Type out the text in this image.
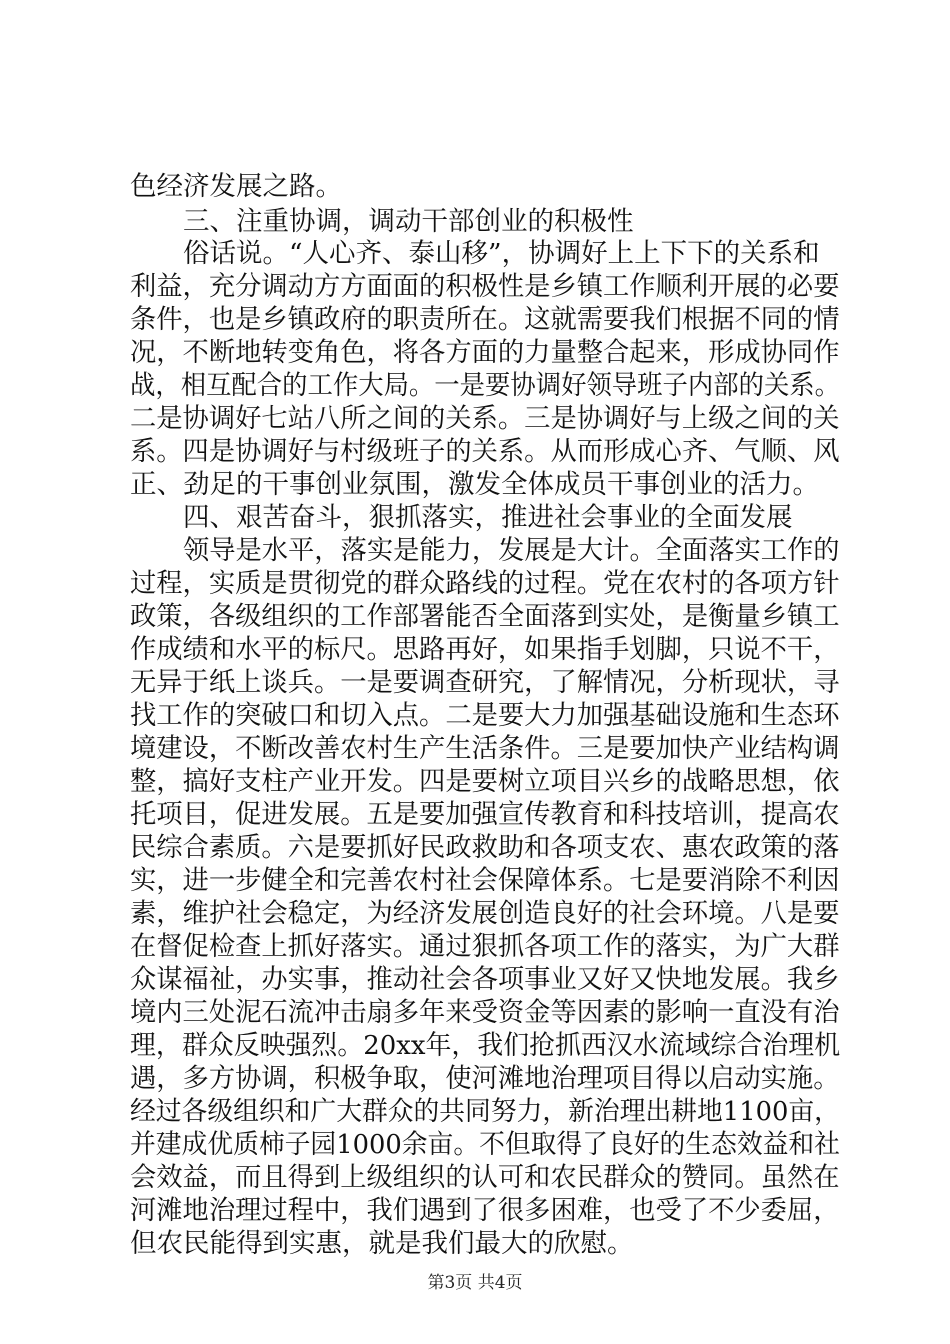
色经济发展之路。
三、注重协调，调动干部创业的积极性
俗话说。“人心齐、泰山移”，协调好上上下下的关系和
利益，充分调动方方面面的积极性是乡镇工作顺利开展的必要
条件，也是乡镇政府的职责所在。这就需要我们根据不同的情
况，不断地转变角色，将各方面的力量整合起来，形成协同作
战，相互配合的工作大局。一是要协调好领导班子内部的关系。
二是协调好七站八所之间的关系。三是协调好与上级之间的关
系。四是协调好与村级班子的关系。从而形成心齐、气顺、风
正、劲足的干事创业氛围，激发全体成员干事创业的活力。
四、艰苦奋斗，狠抓落实，推进社会事业的全面发展
领导是水平，落实是能力，发展是大计。全面落实工作的
过程，实质是贯彻党的群众路线的过程。党在农村的各项方针
政策，各级组织的工作部署能否全面落到实处，是衡量乡镇工
作成绩和水平的标尺。思路再好，如果指手划脚，只说不干，
无异于纸上谈兵。一是要调查研究，了解情况，分析现状，寻
找工作的突破口和切入点。二是要大力加强基础设施和生态环
境建设，不断改善农村生产生活条件。三是要加快产业结构调
整，搞好支柱产业开发。四是要树立项目兴乡的战略思想，依
托项目，促进发展。五是要加强宣传教育和科技培训，提高农
民综合素质。六是要抓好民政救助和各项支农、惠农政策的落
实，进一步健全和完善农村社会保障体系。七是要消除不利因
素，维护社会稳定，为经济发展创造良好的社会环境。八是要
在督促检查上抓好落实。通过狠抓各项工作的落实，为广大群
众谋福祉，办实事，推动社会各项事业又好又快地发展。我乡
境内三处泥石流冲击扇多年来受资金等因素的影响一直没有治
理，群众反映强烈。20xx年，我们抢抓西汉水流域综合治理机
遇，多方协调，积极争取，使河滩地治理项目得以启动实施。
经过各级组织和广大群众的共同努力，新治理出耕地1100亩，
并建成优质柿子园1000余亩。不但取得了良好的生态效益和社
会效益，而且得到上级组织的认可和农民群众的赞同。虽然在
河滩地治理过程中，我们遇到了很多困难，也受了不少委屈，
但农民能得到实惠，就是我们最大的欣慰。
第3页 共4页
